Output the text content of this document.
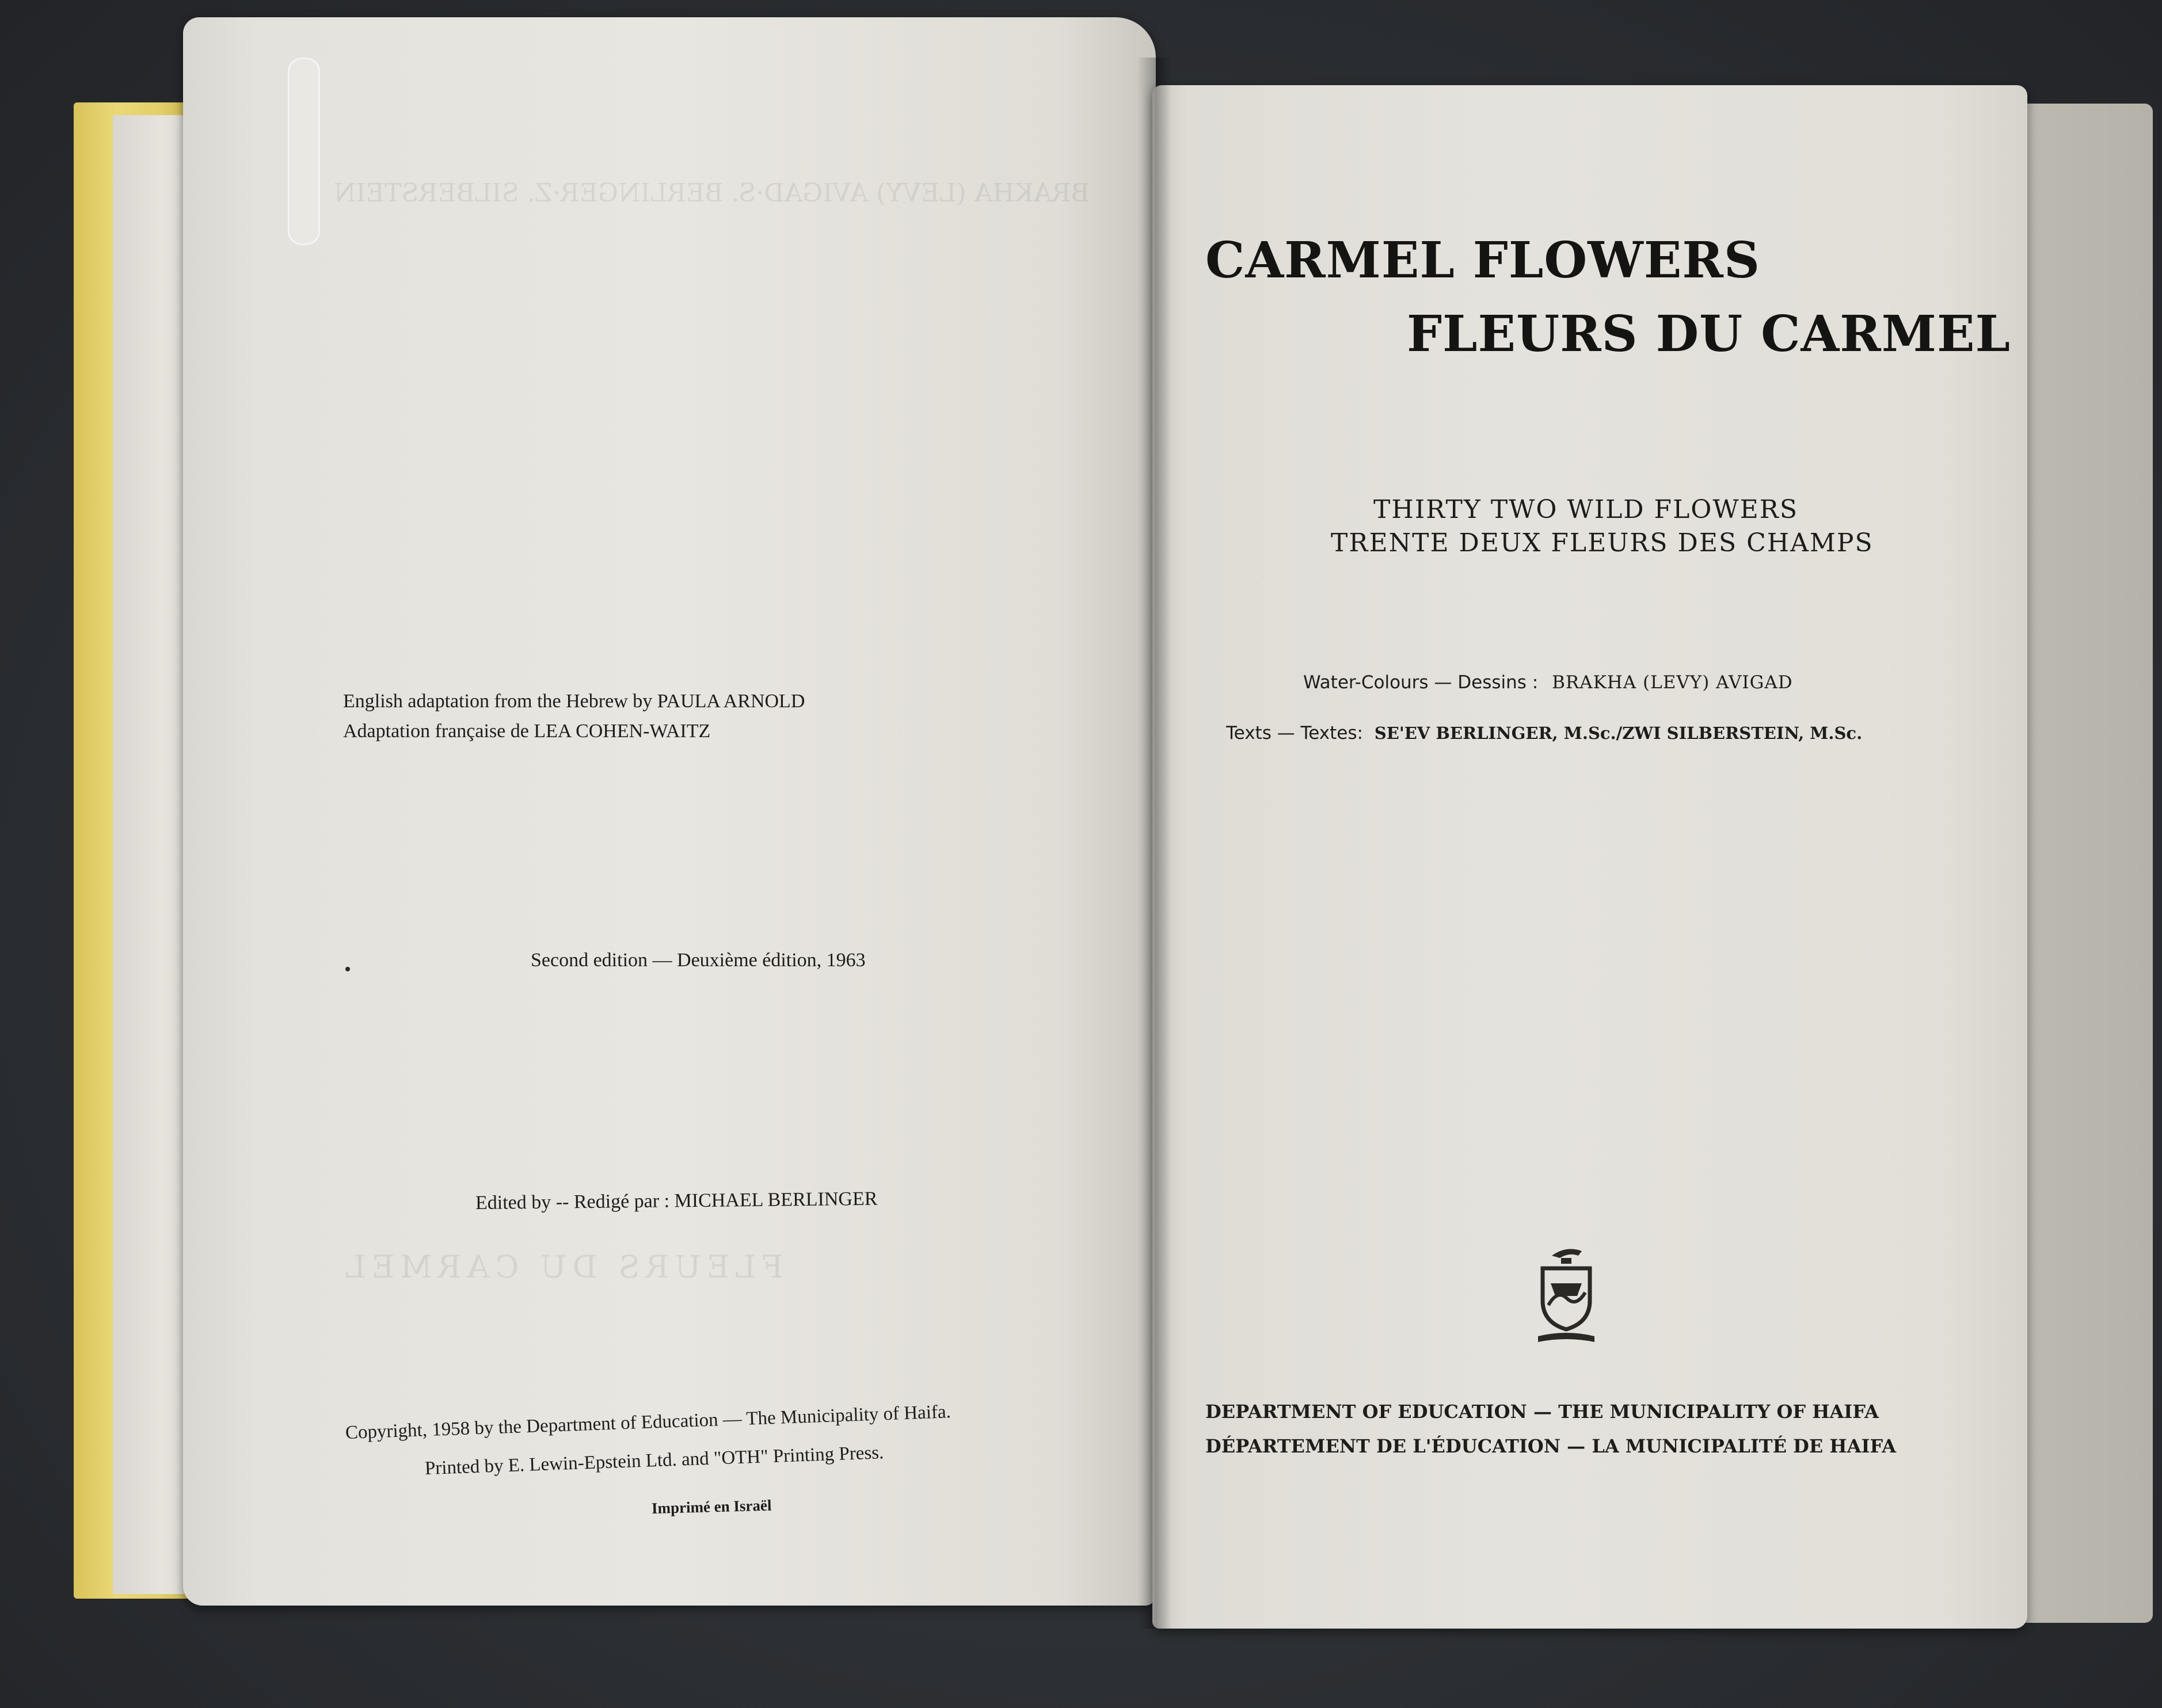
BRAKHA (LEVY) AVIGAD·S. BERLINGER·Z. SILBERSTEIN
FLEURS DU CARMEL
English adaptation from the Hebrew by PAULA ARNOLD
Adaptation française de LEA COHEN-WAITZ
Second edition — Deuxième édition, 1963
Edited by -- Redigé par : MICHAEL BERLINGER
Copyright, 1958 by the Department of Education — The Municipality of Haifa.
Printed by E. Lewin-Epstein Ltd. and "OTH" Printing Press.
Imprimé en Israël
CARMEL FLOWERS
FLEURS DU CARMEL
THIRTY TWO WILD FLOWERS
TRENTE DEUX FLEURS DES CHAMPS
Water-Colours — Dessins : BRAKHA (LEVY) AVIGAD
Texts — Textes: SE'EV BERLINGER, M.Sc./ZWI SILBERSTEIN, M.Sc.
DEPARTMENT OF EDUCATION — THE MUNICIPALITY OF HAIFA
DÉPARTEMENT DE L'ÉDUCATION — LA MUNICIPALITÉ DE HAIFA
